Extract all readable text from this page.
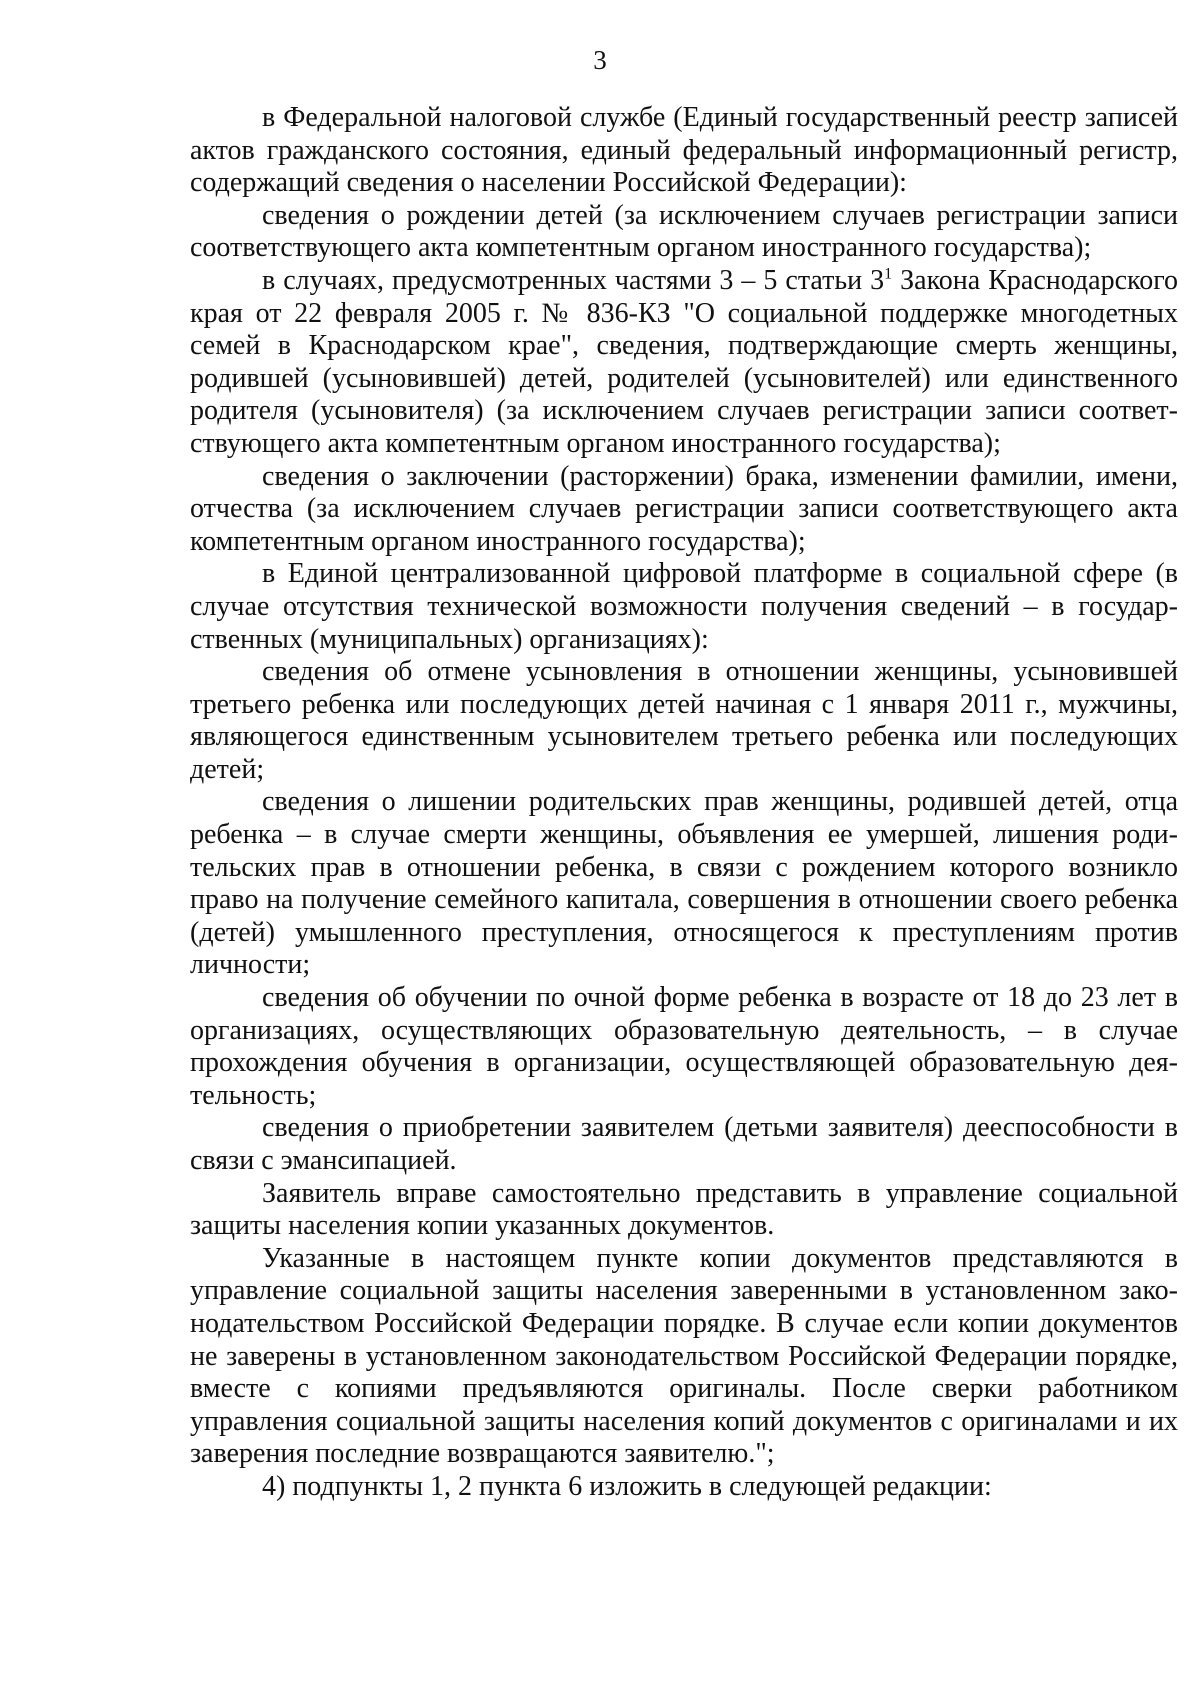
3

в Федеральной налоговой службе (Единый государственный реестр записей актов гражданского состояния, единый федеральный информационный регистр, содержащий сведения о населении Российской Федерации):

сведения о рождении детей (за исключением случаев регистрации записи соответствующего акта компетентным органом иностранного государства);

в случаях, предусмотренных частями 3 – 5 статьи $3^1$ Закона Краснодарского края от 22 февраля 2005 г. № 836-КЗ "О социальной поддержке многодетных семей в Краснодарском крае", сведения, подтверждающие смерть женщины, родившей (усыновившей) детей, родителей (усыновителей) или единственного родителя (усыновителя) (за исключением случаев регистрации записи соответствующего акта компетентным органом иностранного государства);

сведения о заключении (расторжении) брака, изменении фамилии, имени, отчества (за исключением случаев регистрации записи соответствующего акта компетентным органом иностранного государства);

в Единой централизованной цифровой платформе в социальной сфере (в случае отсутствия технической возможности получения сведений – в государственных (муниципальных) организациях):

сведения об отмене усыновления в отношении женщины, усыновившей третьего ребенка или последующих детей начиная с 1 января 2011 г., мужчины, являющегося единственным усыновителем третьего ребенка или последующих детей;

сведения о лишении родительских прав женщины, родившей детей, отца ребенка – в случае смерти женщины, объявления ее умершей, лишения родительских прав в отношении ребенка, в связи с рождением которого возникло право на получение семейного капитала, совершения в отношении своего ребенка (детей) умышленного преступления, относящегося к преступлениям против личности;

сведения об обучении по очной форме ребенка в возрасте от 18 до 23 лет в организациях, осуществляющих образовательную деятельность, – в случае прохождения обучения в организации, осуществляющей образовательную деятельность;

сведения о приобретении заявителем (детьми заявителя) дееспособности в связи с эмансипацией.

Заявитель вправе самостоятельно представить в управление социальной защиты населения копии указанных документов.

Указанные в настоящем пункте копии документов представляются в управление социальной защиты населения заверенными в установленном законодательством Российской Федерации порядке. В случае если копии документов не заверены в установленном законодательством Российской Федерации порядке, вместе с копиями предъявляются оригиналы. После сверки работником управления социальной защиты населения копий документов с оригиналами и их заверения последние возвращаются заявителю.";

4) подпункты 1, 2 пункта 6 изложить в следующей редакции:
